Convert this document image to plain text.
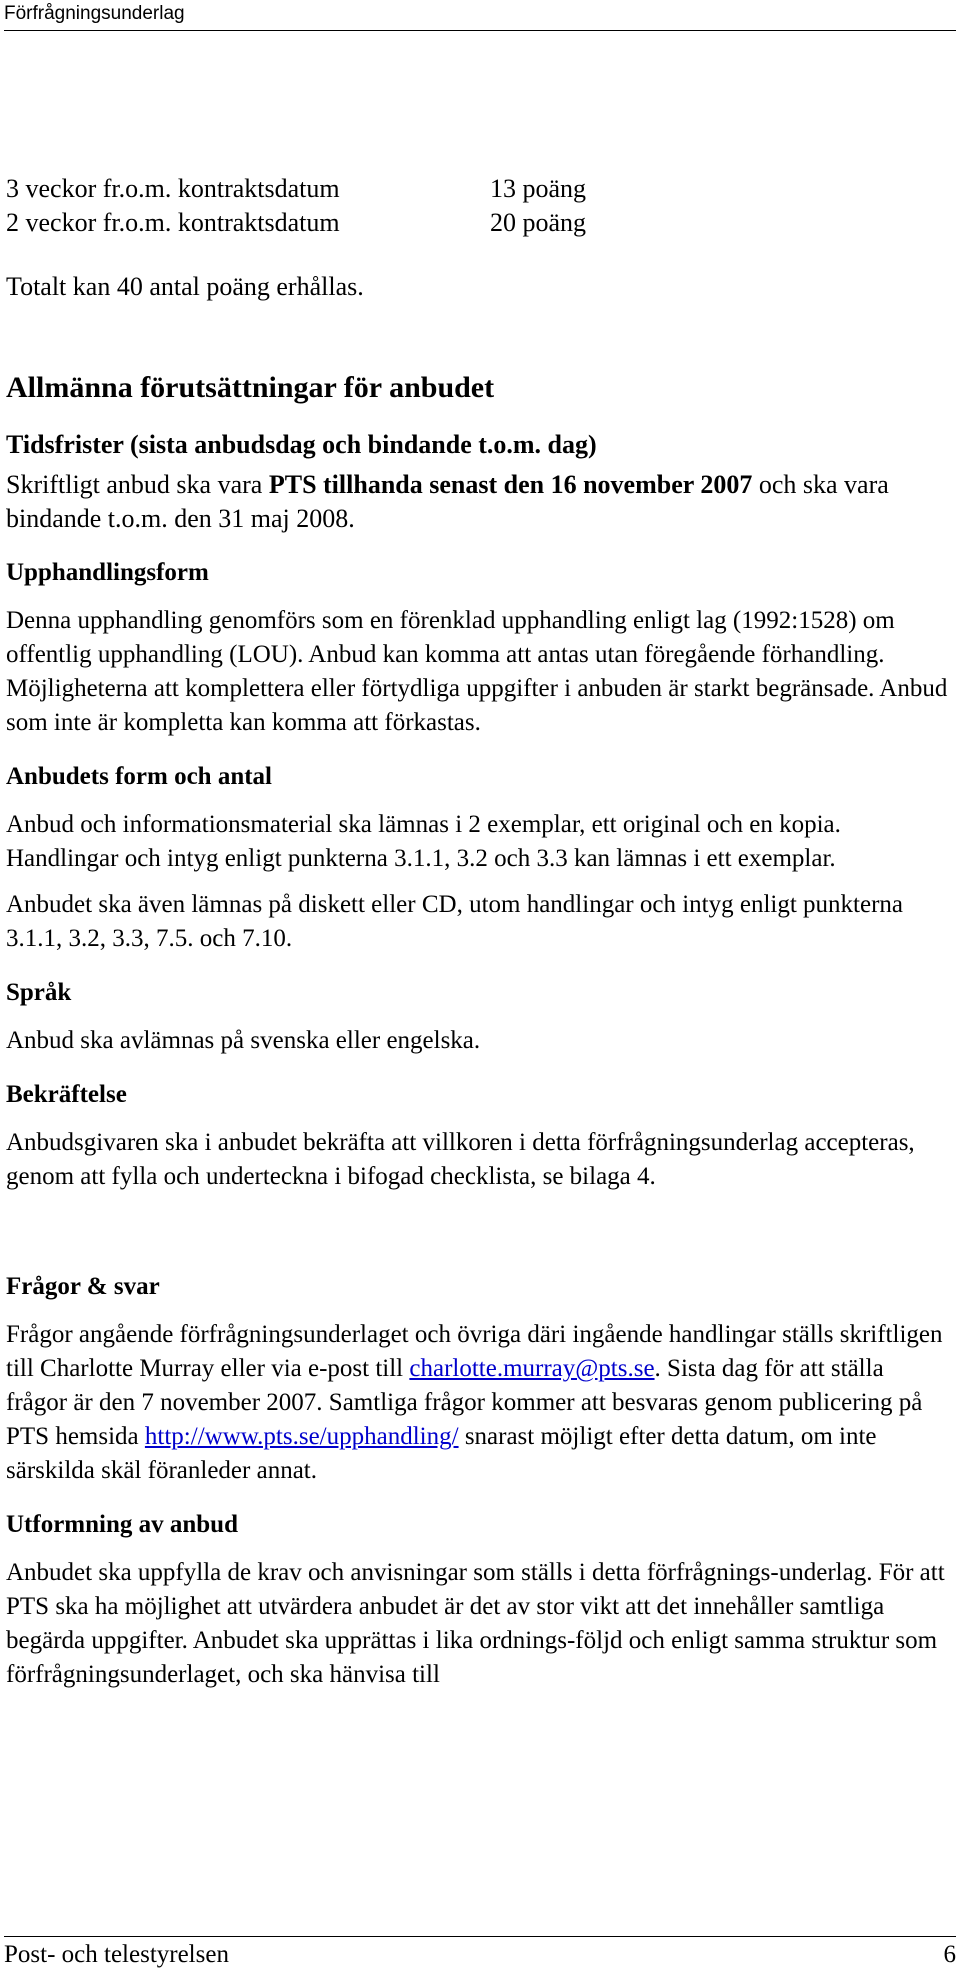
Förfrågningsunderlag
3 veckor fr.o.m. kontraktsdatum	13 poäng
2 veckor fr.o.m. kontraktsdatum	20 poäng
Totalt kan 40 antal poäng erhållas.
Allmänna förutsättningar för anbudet
Tidsfrister (sista anbudsdag och bindande t.o.m. dag)

Skriftligt anbud ska vara PTS tillhanda senast den 16 november 2007 och ska vara bindande t.o.m. den 31 maj 2008.

Upphandlingsform

Denna upphandling genomförs som en förenklad upphandling enligt lag (1992:1528) om offentlig upphandling (LOU). Anbud kan komma att antas utan föregående förhandling. Möjligheterna att komplettera eller förtydliga uppgifter i anbuden är starkt begränsade. Anbud som inte är kompletta kan komma att förkastas.

Anbudets form och antal

Anbud och informationsmaterial ska lämnas i 2 exemplar, ett original och en kopia. Handlingar och intyg enligt punkterna 3.1.1, 3.2 och 3.3 kan lämnas i ett exemplar.

Anbudet ska även lämnas på diskett eller CD, utom handlingar och intyg enligt punkterna 3.1.1, 3.2, 3.3, 7.5. och 7.10.

Språk

Anbud ska avlämnas på svenska eller engelska.

Bekräftelse

Anbudsgivaren ska i anbudet bekräfta att villkoren i detta förfrågningsunderlag accepteras, genom att fylla och underteckna i bifogad checklista, se bilaga 4.

Frågor & svar

Frågor angående förfrågningsunderlaget och övriga däri ingående handlingar ställs skriftligen till Charlotte Murray eller via e-post till charlotte.murray@pts.se. Sista dag för att ställa frågor är den 7 november 2007. Samtliga frågor kommer att besvaras genom publicering på PTS hemsida http://www.pts.se/upphandling/ snarast möjligt efter detta datum, om inte särskilda skäl föranleder annat.

Utformning av anbud

Anbudet ska uppfylla de krav och anvisningar som ställs i detta förfrågnings-underlag. För att PTS ska ha möjlighet att utvärdera anbudet är det av stor vikt att det innehåller samtliga begärda uppgifter. Anbudet ska upprättas i lika ordnings-följd och enligt samma struktur som förfrågningsunderlaget, och ska hänvisa till

Post- och telestyrelsen	6
